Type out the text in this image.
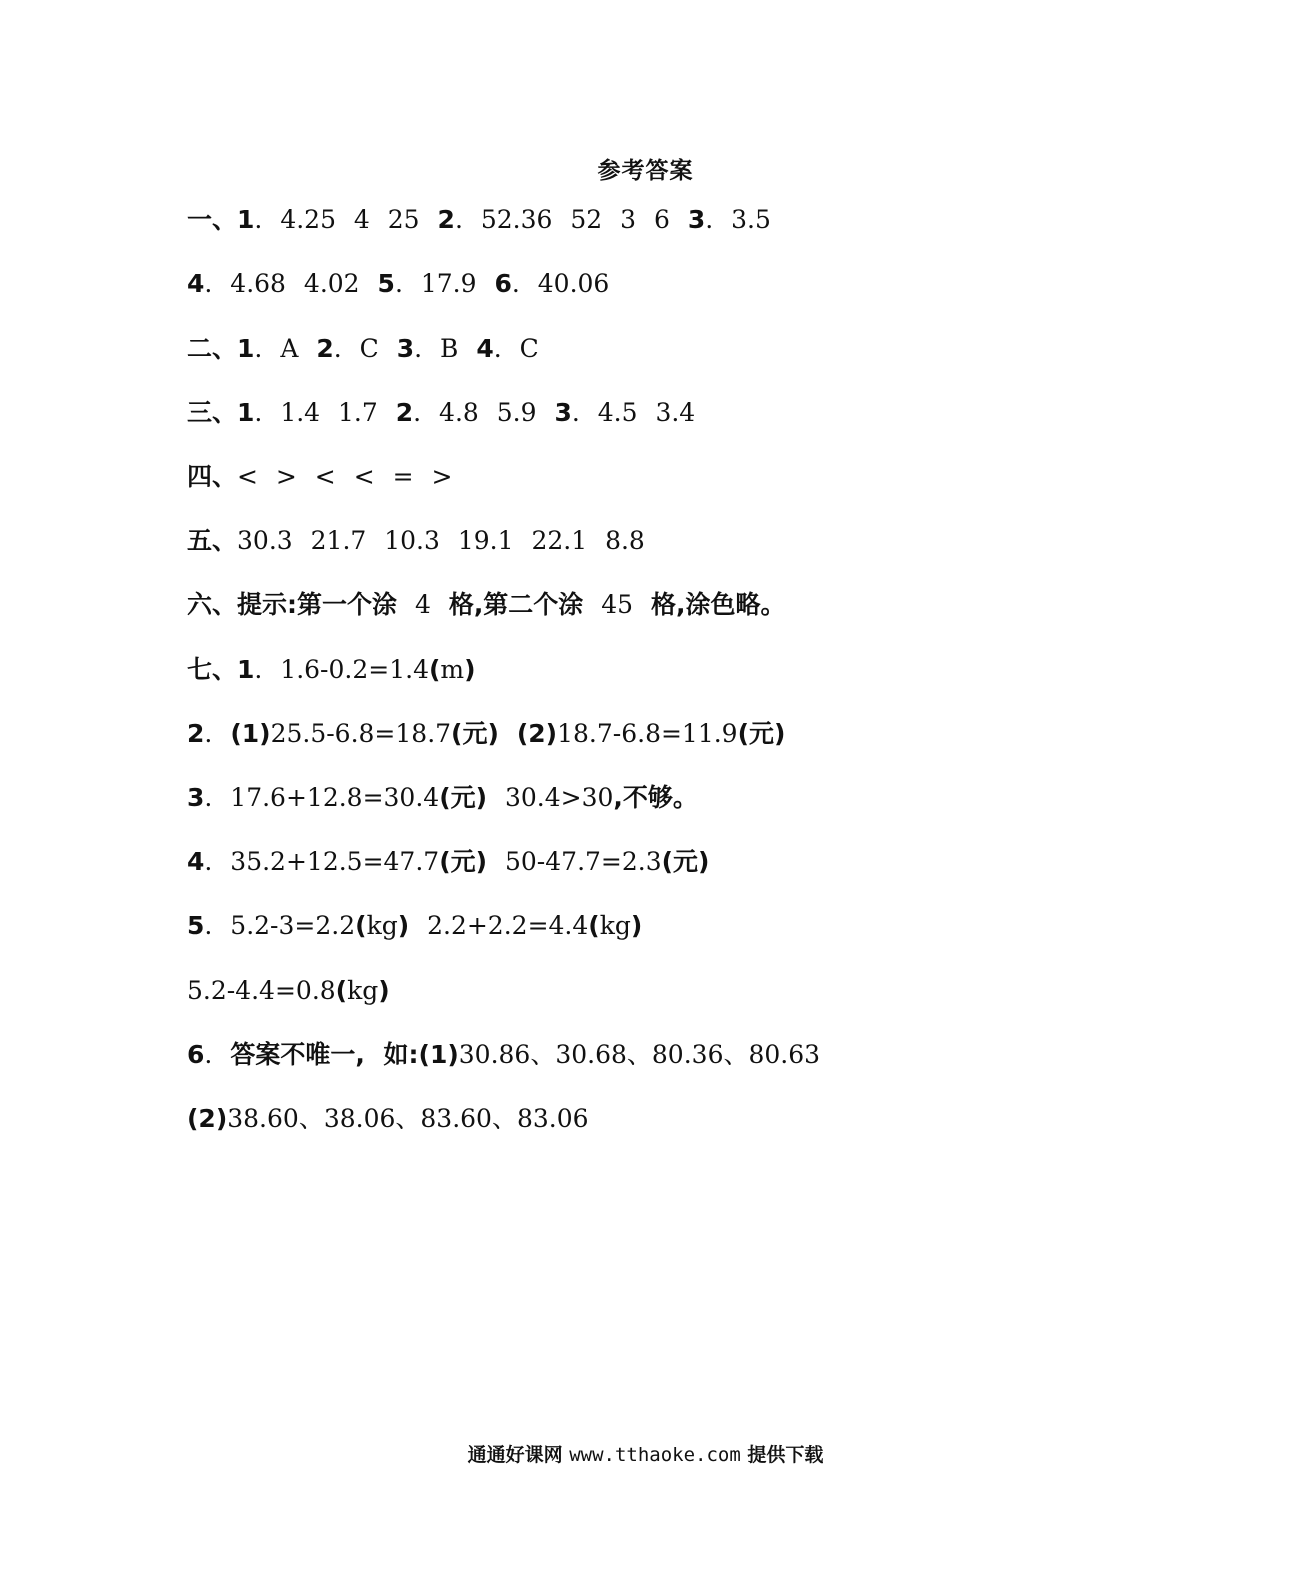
参考答案
一、1. 4.25 4 25 2. 52.36 52 3 6 3. 3.5
4. 4.68 4.02 5. 17.9 6. 40.06
二、1. A 2. C 3. B 4. C
三、1. 1.4 1.7 2. 4.8 5.9 3. 4.5 3.4
四、< > < < = >
五、30.3 21.7 10.3 19.1 22.1 8.8
六、提示:第一个涂 4 格,第二个涂 45 格,涂色略。
七、1. 1.6-0.2=1.4(m)
2. (1)25.5-6.8=18.7(元) (2)18.7-6.8=11.9(元)
3. 17.6+12.8=30.4(元) 30.4>30,不够。
4. 35.2+12.5=47.7(元) 50-47.7=2.3(元)
5. 5.2-3=2.2(kg) 2.2+2.2=4.4(kg)
5.2-4.4=0.8(kg)
6. 答案不唯一, 如:(1)30.86、30.68、80.36、80.63
(2)38.60、38.06、83.60、83.06
通通好课网 www.tthaoke.com 提供下载
